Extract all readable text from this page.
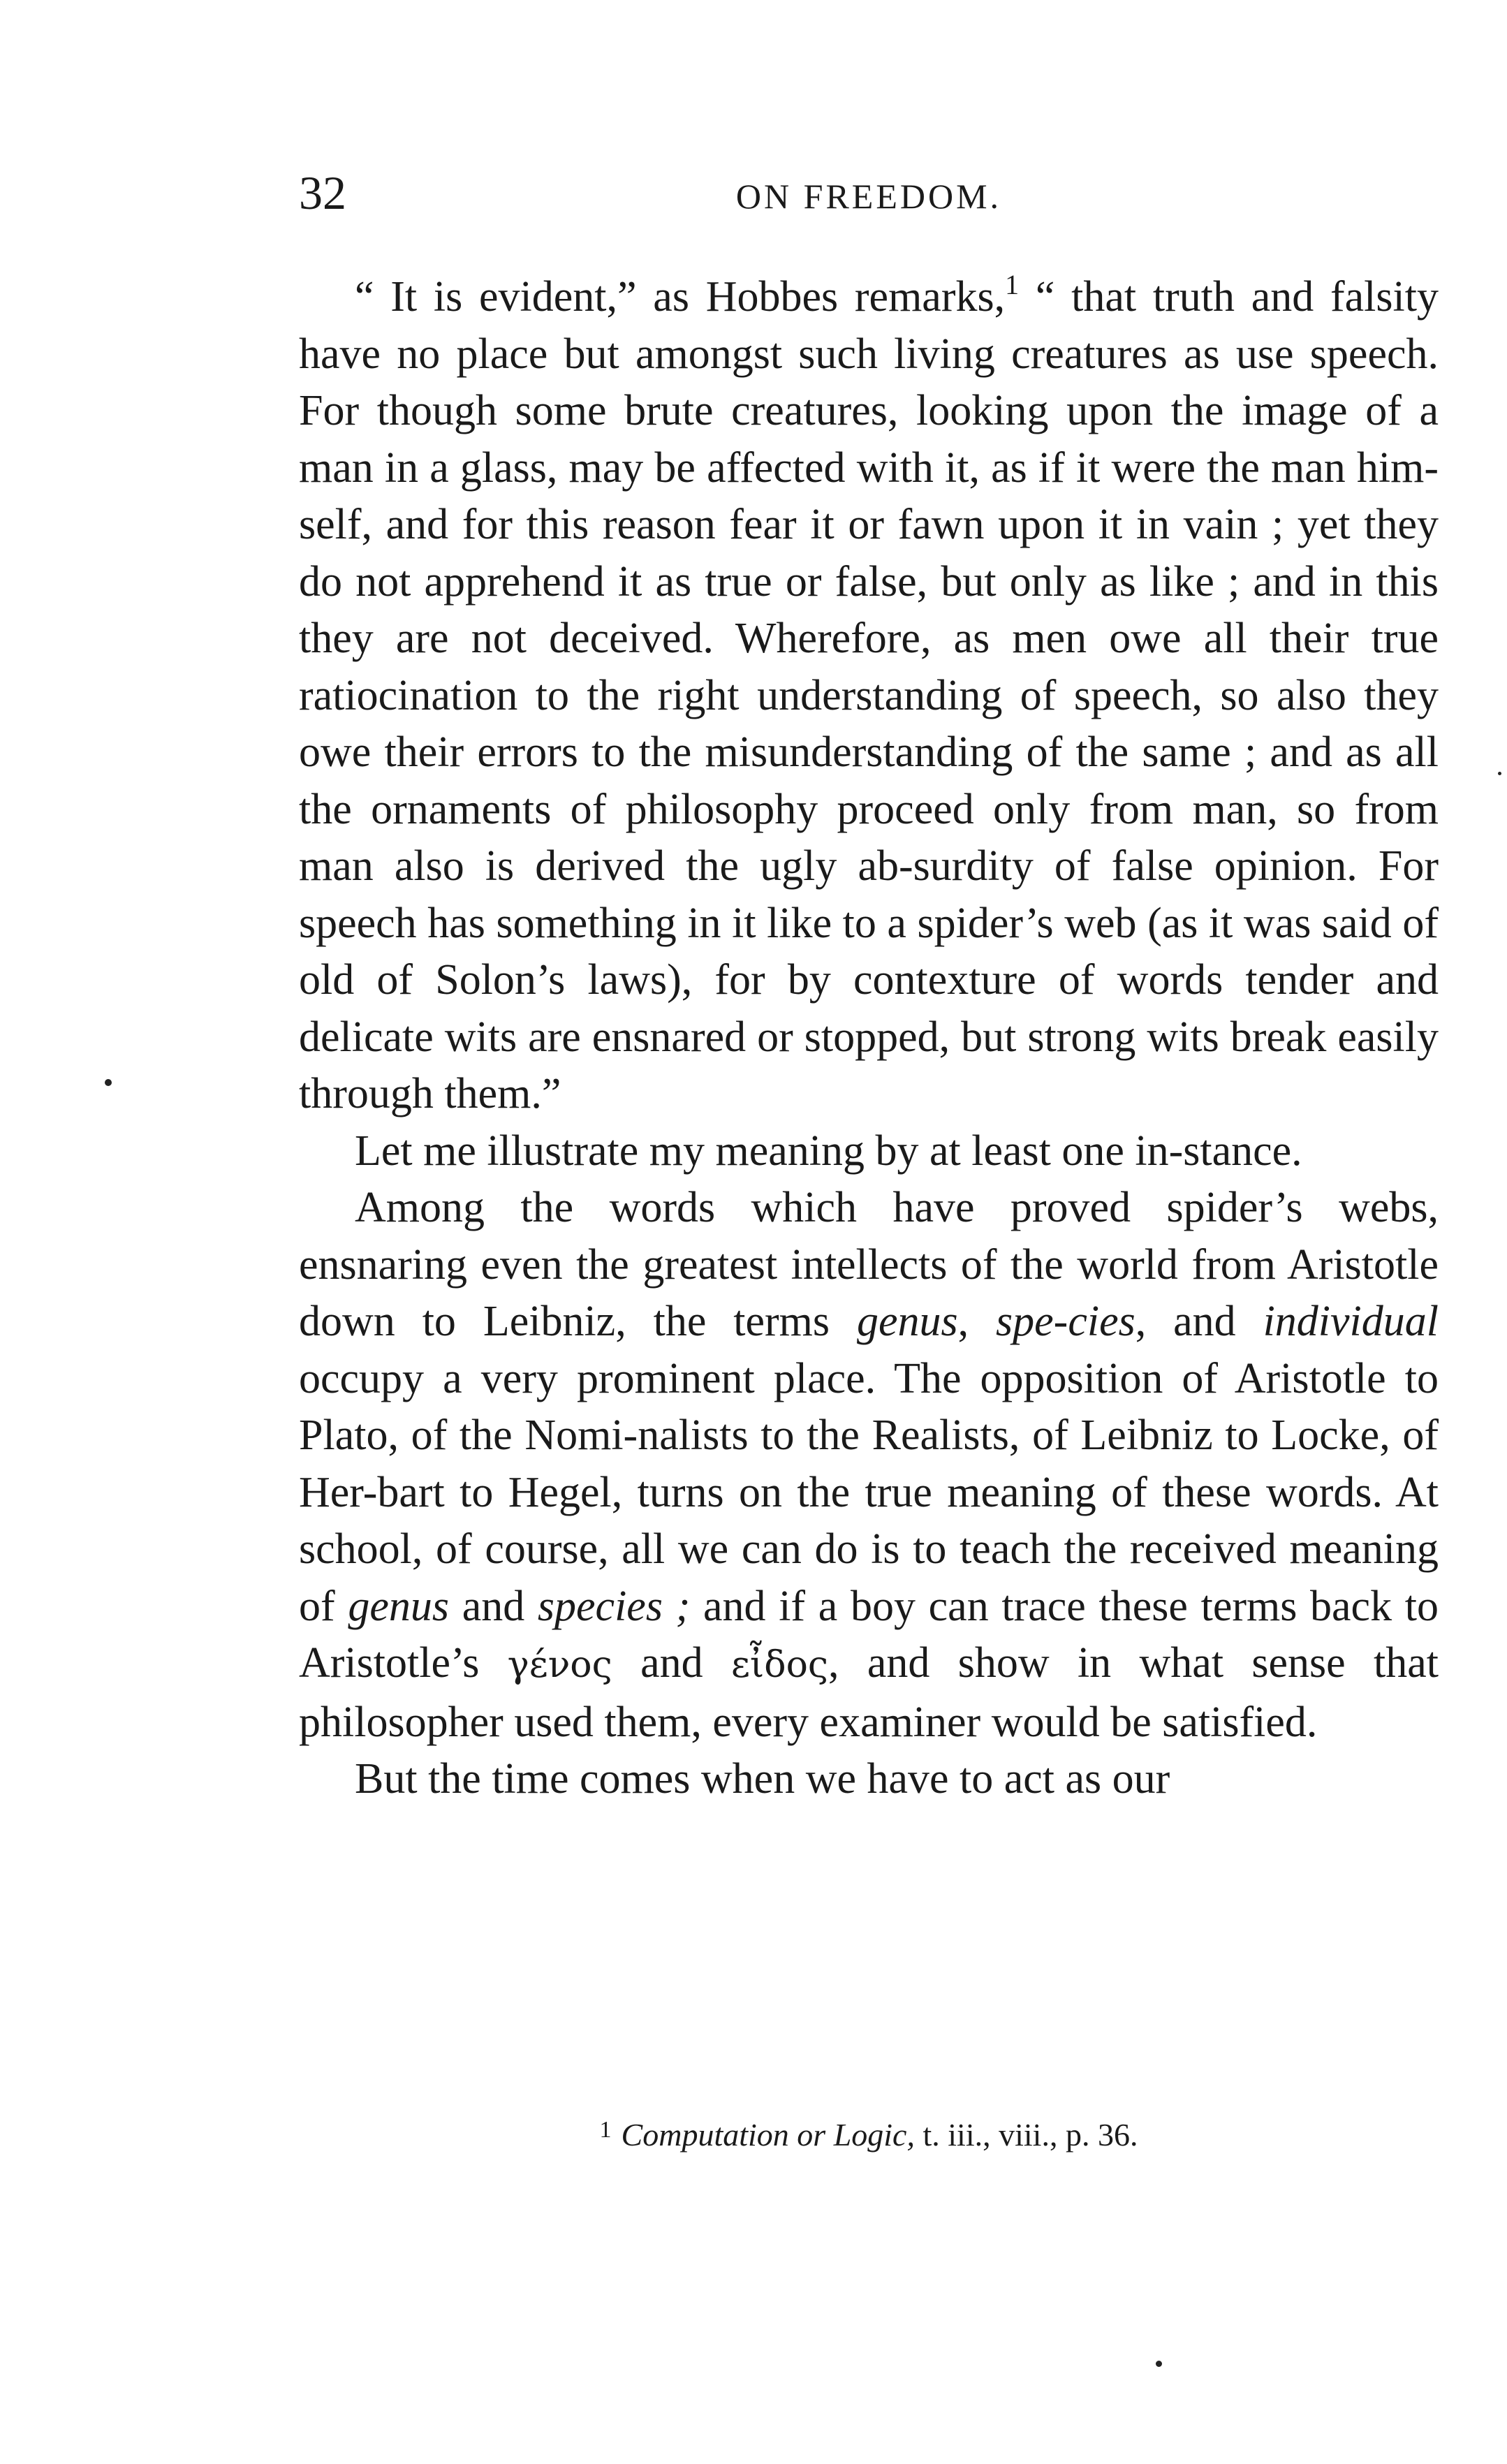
32	ON FREEDOM.

“ It is evident,” as Hobbes remarks,$^1$ “ that truth and falsity have no place but amongst such living creatures as use speech. For though some brute creatures, looking upon the image of a man in a glass, may be affected with it, as if it were the man him-self, and for this reason fear it or fawn upon it in vain ; yet they do not apprehend it as true or false, but only as like ; and in this they are not deceived. Wherefore, as men owe all their true ratiocination to the right understanding of speech, so also they owe their errors to the misunderstanding of the same ; and as all the ornaments of philosophy proceed only from man, so from man also is derived the ugly ab-surdity of false opinion. For speech has something in it like to a spider’s web (as it was said of old of Solon’s laws), for by contexture of words tender and delicate wits are ensnared or stopped, but strong wits break easily through them.”

Let me illustrate my meaning by at least one in-stance.

Among the words which have proved spider’s webs, ensnaring even the greatest intellects of the world from Aristotle down to Leibniz, the terms genus, spe-cies, and individual occupy a very prominent place. The opposition of Aristotle to Plato, of the Nomi-nalists to the Realists, of Leibniz to Locke, of Her-bart to Hegel, turns on the true meaning of these words. At school, of course, all we can do is to teach the received meaning of genus and species ; and if a boy can trace these terms back to Aristotle’s γένος and εἶδος, and show in what sense that philosopher used them, every examiner would be satisfied.

But the time comes when we have to act as our

$^1$ Computation or Logic, t. iii., viii., p. 36.
